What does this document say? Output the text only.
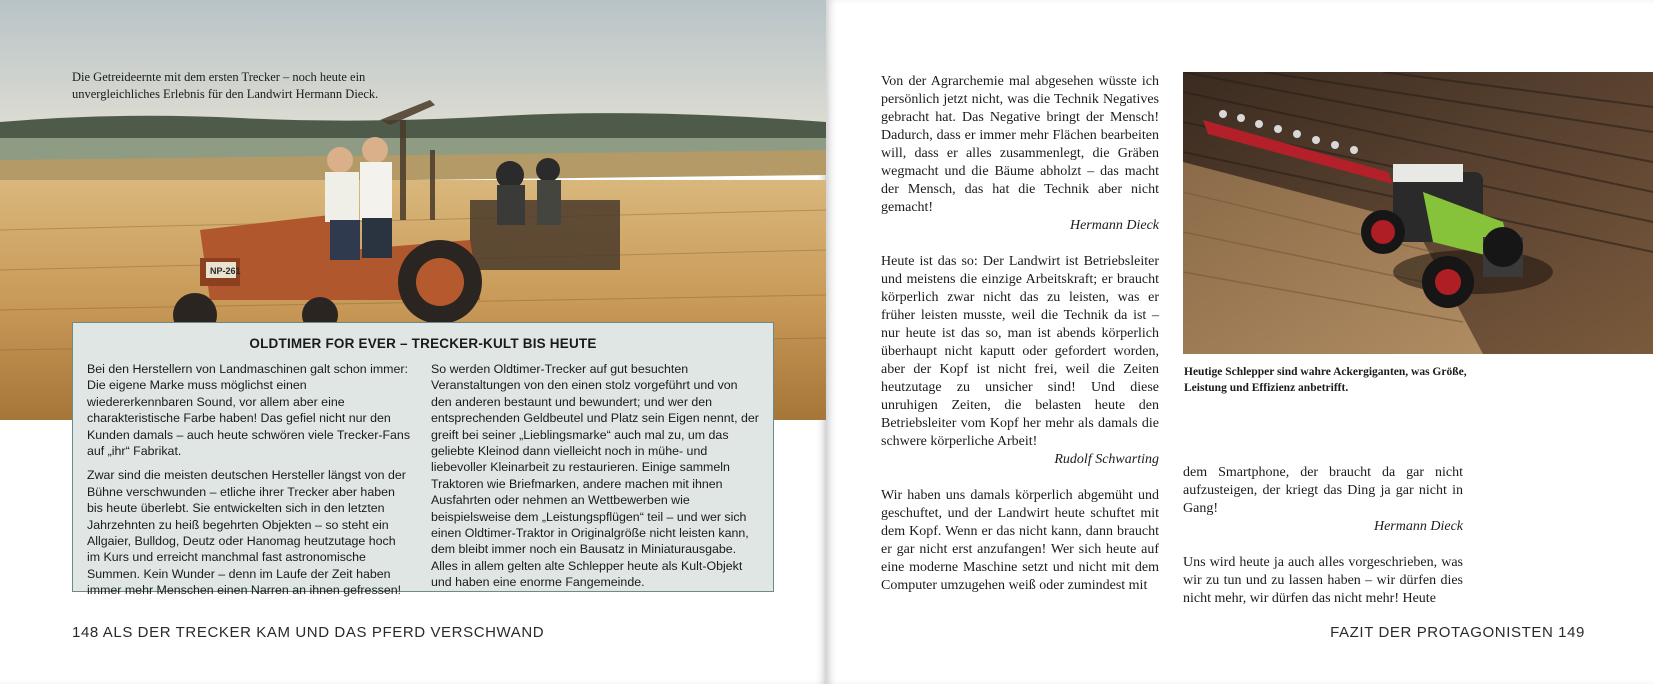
NP-261
Die Getreideernte mit dem ersten Trecker – noch heute ein unvergleichliches Erlebnis für den Landwirt Hermann Dieck.
OLDTIMER FOR EVER – TRECKER-KULT BIS HEUTE

Bei den Herstellern von Landmaschinen galt schon immer: Die eigene Marke muss möglichst einen wiedererkennbaren Sound, vor allem aber eine charakteristische Farbe haben! Das gefiel nicht nur den Kunden damals – auch heute schwören viele Trecker-Fans auf „ihr“ Fabrikat.

Zwar sind die meisten deutschen Hersteller längst von der Bühne verschwunden – etliche ihrer Trecker aber haben bis heute überlebt. Sie entwickelten sich in den letzten Jahrzehnten zu heiß begehrten Objekten – so steht ein Allgaier, Bulldog, Deutz oder Hanomag heutzutage hoch im Kurs und erreicht manchmal fast astronomische Summen. Kein Wunder – denn im Laufe der Zeit haben immer mehr Menschen einen Narren an ihnen gefressen!

So werden Oldtimer-Trecker auf gut besuchten Veranstaltungen von den einen stolz vorgeführt und von den anderen bestaunt und bewundert; und wer den entsprechenden Geldbeutel und Platz sein Eigen nennt, der greift bei seiner „Lieblingsmarke“ auch mal zu, um das geliebte Kleinod dann vielleicht noch in mühe- und liebevoller Kleinarbeit zu restaurieren. Einige sammeln Traktoren wie Briefmarken, andere machen mit ihnen Ausfahrten oder nehmen an Wettbewerben wie beispielsweise dem „Leistungspflügen“ teil – und wer sich einen Oldtimer-Traktor in Originalgröße nicht leisten kann, dem bleibt immer noch ein Bausatz in Miniaturausgabe. Alles in allem gelten alte Schlepper heute als Kult-Objekt und haben eine enorme Fangemeinde.

148 ALS DER TRECKER KAM UND DAS PFERD VERSCHWAND

Von der Agrarchemie mal abgesehen wüsste ich persönlich jetzt nicht, was die Technik Negatives gebracht hat. Das Negative bringt der Mensch! Dadurch, dass er immer mehr Flächen bearbeiten will, dass er alles zusammenlegt, die Gräben wegmacht und die Bäume abholzt – das macht der Mensch, das hat die Technik aber nicht gemacht!

Hermann Dieck

Heute ist das so: Der Landwirt ist Betriebsleiter und meistens die einzige Arbeitskraft; er braucht körperlich zwar nicht das zu leisten, was er früher leisten musste, weil die Technik da ist – nur heute ist das so, man ist abends körperlich überhaupt nicht kaputt oder gefordert worden, aber der Kopf ist nicht frei, weil die Zeiten heutzutage zu unsicher sind! Und diese unruhigen Zeiten, die belasten heute den Betriebsleiter vom Kopf her mehr als damals die schwere körperliche Arbeit!

Rudolf Schwarting

Wir haben uns damals körperlich abgemüht und geschuftet, und der Landwirt heute schuftet mit dem Kopf. Wenn er das nicht kann, dann braucht er gar nicht erst anzufangen! Wer sich heute auf eine moderne Maschine setzt und nicht mit dem Computer umzugehen weiß oder zumindest mit

Heutige Schlepper sind wahre Ackergiganten, was Größe, Leistung und Effizienz anbetrifft.

dem Smartphone, der braucht da gar nicht aufzusteigen, der kriegt das Ding ja gar nicht in Gang!

Hermann Dieck

Uns wird heute ja auch alles vorgeschrieben, was wir zu tun und zu lassen haben – wir dürfen dies nicht mehr, wir dürfen das nicht mehr! Heute

FAZIT DER PROTAGONISTEN 149
